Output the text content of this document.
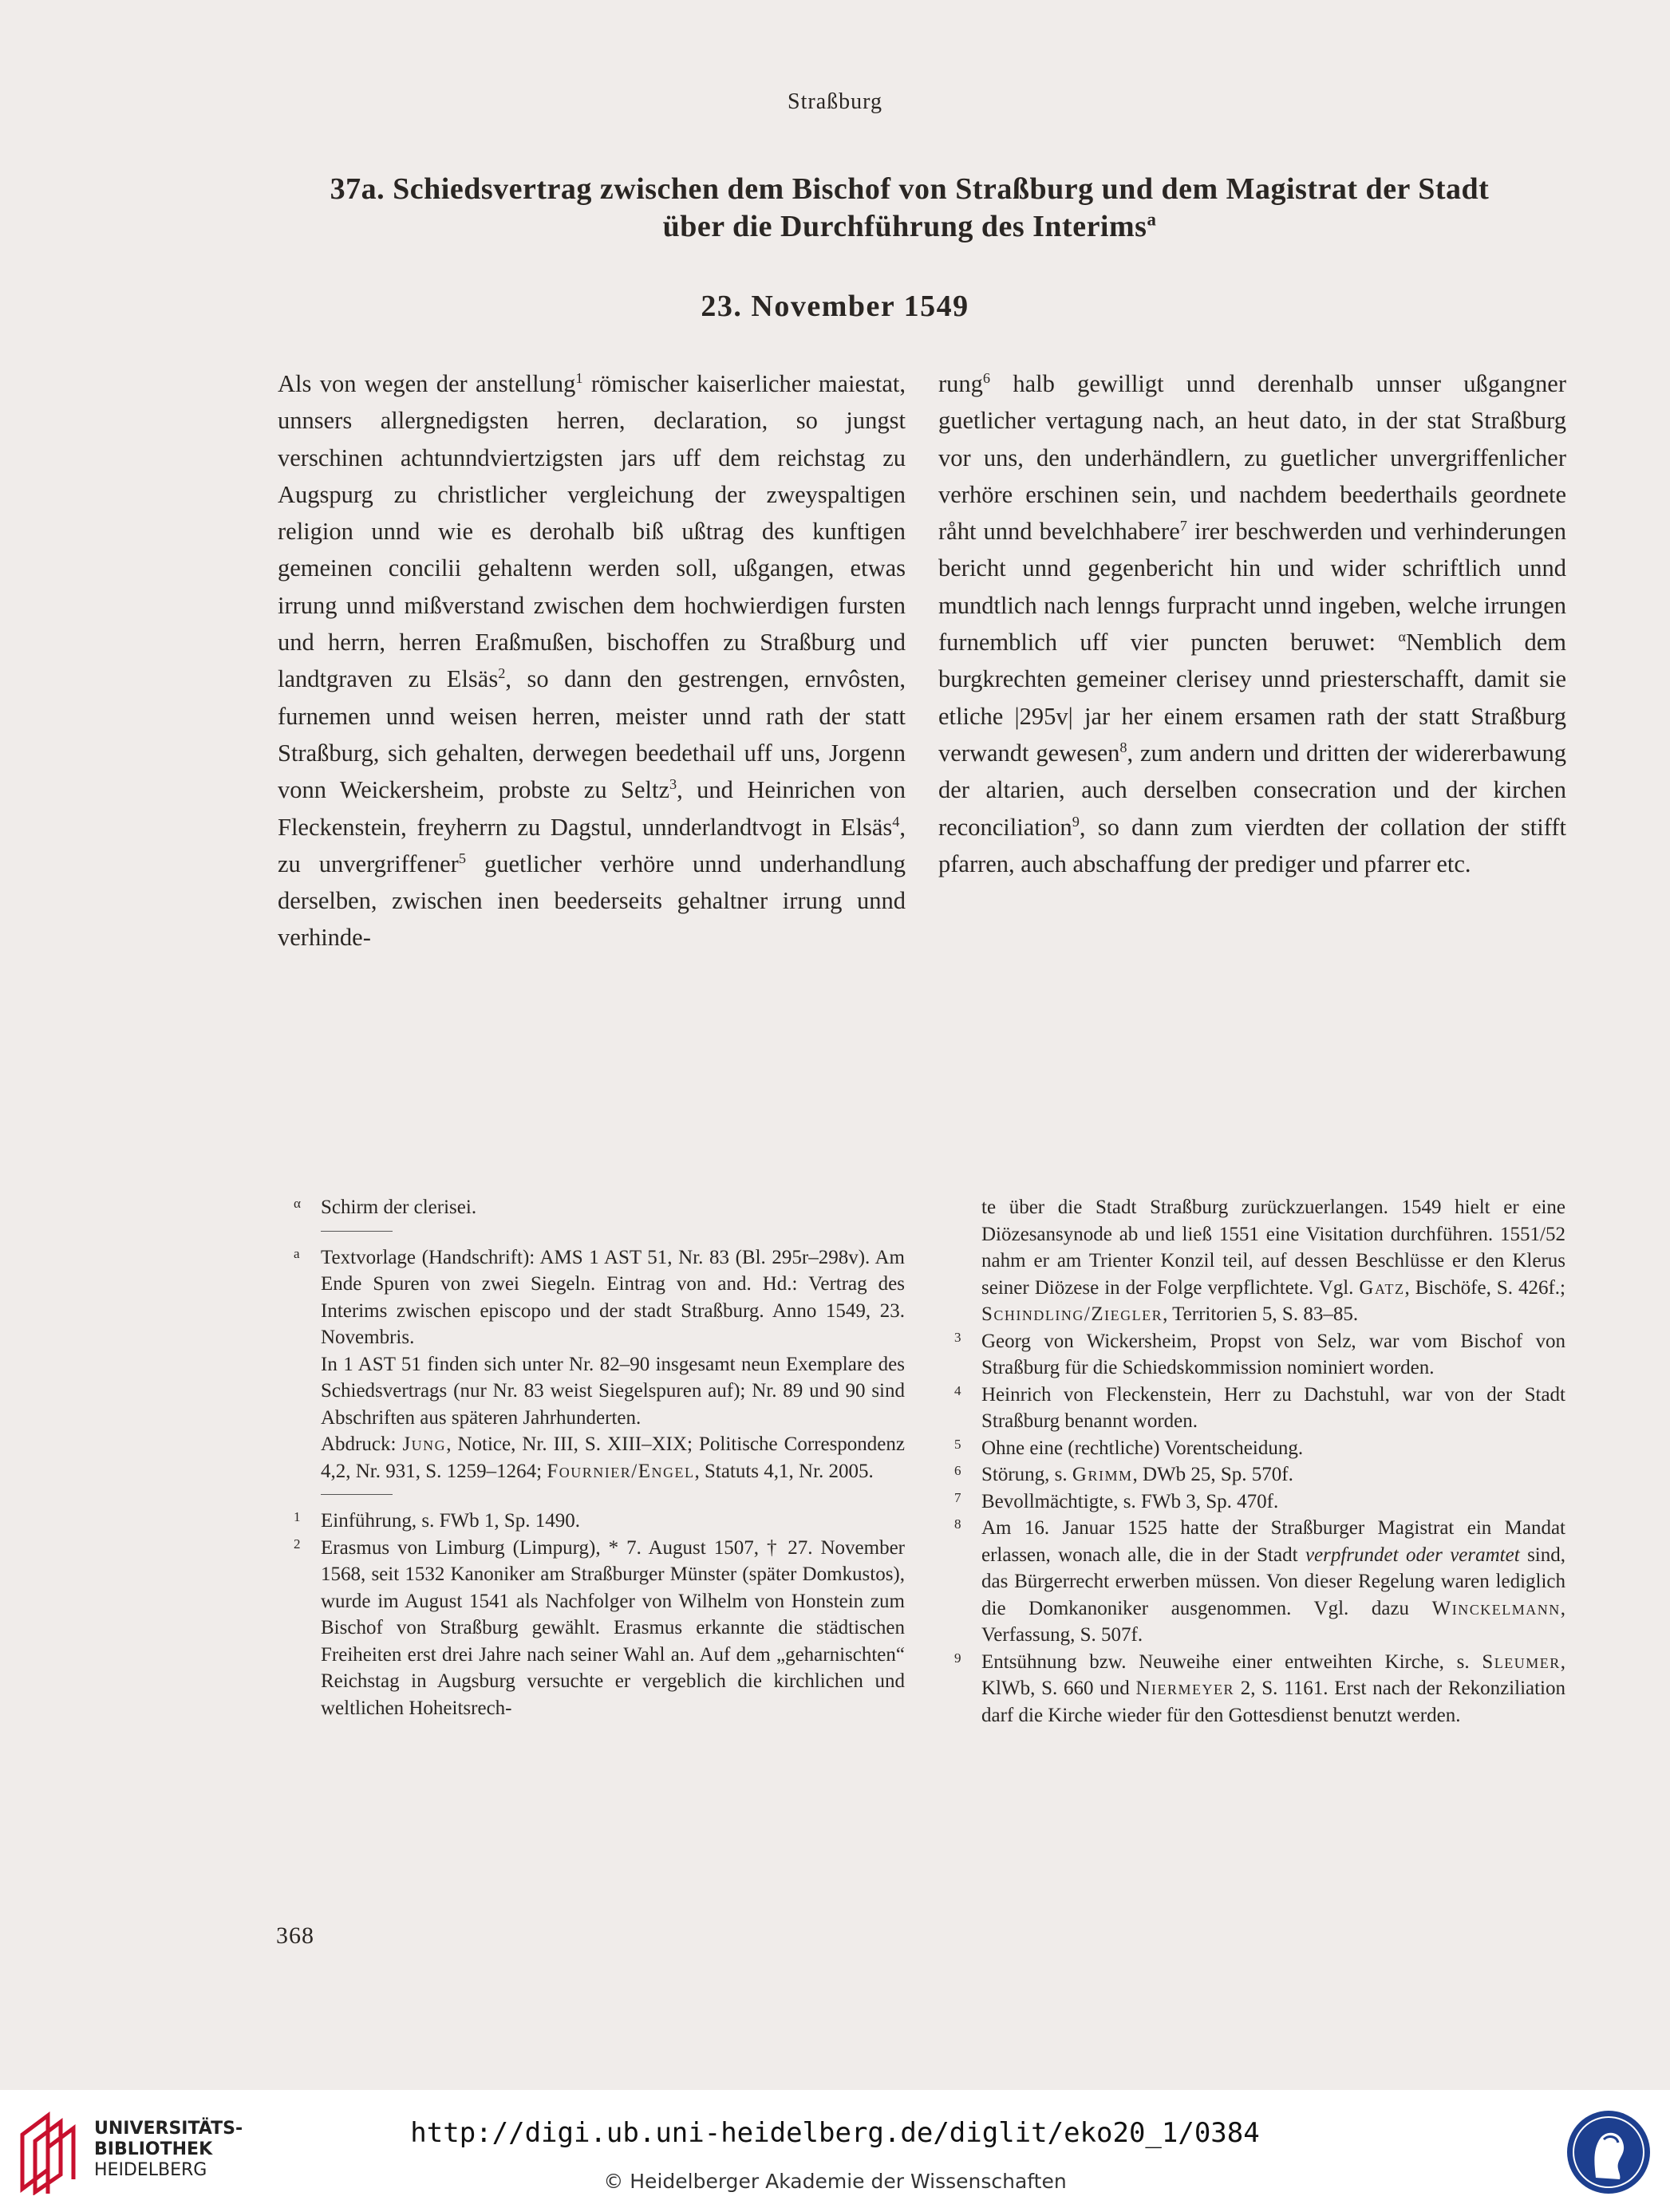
Straßburg
37a. Schiedsvertrag zwischen dem Bischof von Straßburg und dem Magistrat der Stadt
über die Durchführung des Interims$^a$
23. November 1549

Als von wegen der anstellung$^1$ römischer kaiserlicher maiestat, unnsers allergnedigsten herren, declaration, so jungst verschinen achtunndviertzigsten jars uff dem reichstag zu Augspurg zu christlicher vergleichung der zweyspaltigen religion unnd wie es derohalb biß ußtrag des kunftigen gemeinen concilii gehaltenn werden soll, ußgangen, etwas irrung unnd mißverstand zwischen dem hochwierdigen fursten und herrn, herren Eraßmußen, bischoffen zu Straßburg und landtgraven zu Elsäs$^2$, so dann den gestrengen, ernvôsten, furnemen unnd weisen herren, meister unnd rath der statt Straßburg, sich gehalten, derwegen beedethail uff uns, Jorgenn vonn Weickersheim, probste zu Seltz$^3$, und Heinrichen von Fleckenstein, freyherrn zu Dagstul, unnderlandtvogt in Elsäs$^4$, zu unvergriffener$^5$ guetlicher verhöre unnd underhandlung derselben, zwischen inen beederseits gehaltner irrung unnd verhinde-

rung$^6$ halb gewilligt unnd derenhalb unnser ußgangner guetlicher vertagung nach, an heut dato, in der stat Straßburg vor uns, den underhändlern, zu guetlicher unvergriffenlicher verhöre erschinen sein, und nachdem beederthails geordnete råht unnd bevelchhabere$^7$ irer beschwerden und verhinderungen bericht unnd gegenbericht hin und wider schriftlich unnd mundtlich nach lenngs furpracht unnd ingeben, welche irrungen furnemblich uff vier puncten beruwet: $^\alpha$Nemblich dem burgkrechten gemeiner clerisey unnd priesterschafft, damit sie etliche |295v| jar her einem ersamen rath der statt Straßburg verwandt gewesen$^8$, zum andern und dritten der widererbawung der altarien, auch derselben consecration und der kirchen reconciliation$^9$, so dann zum vierdten der collation der stifft pfarren, auch abschaffung der prediger und pfarrer etc.

α	Schirm der clerisei.
a	Textvorlage (Handschrift): AMS 1 AST 51, Nr. 83 (Bl. 295r–298v). Am Ende Spuren von zwei Siegeln. Eintrag von and. Hd.: Vertrag des Interims zwischen episcopo und der stadt Straßburg. Anno 1549, 23. Novembris.

In 1 AST 51 finden sich unter Nr. 82–90 insgesamt neun Exemplare des Schiedsvertrags (nur Nr. 83 weist Siegelspuren auf); Nr. 89 und 90 sind Abschriften aus späteren Jahrhunderten.

Abdruck: Jung, Notice, Nr. III, S. XIII–XIX; Politische Correspondenz 4,2, Nr. 931, S. 1259–1264; Fournier/Engel, Statuts 4,1, Nr. 2005.

1	Einführung, s. FWb 1, Sp. 1490.
2	Erasmus von Limburg (Limpurg), * 7. August 1507, † 27. November 1568, seit 1532 Kanoniker am Straßburger Münster (später Domkustos), wurde im August 1541 als Nachfolger von Wilhelm von Honstein zum Bischof von Straßburg gewählt. Erasmus erkannte die städtischen Freiheiten erst drei Jahre nach seiner Wahl an. Auf dem „geharnischten“ Reichstag in Augsburg versuchte er vergeblich die kirchlichen und weltlichen Hoheitsrech-
te über die Stadt Straßburg zurückzuerlangen. 1549 hielt er eine Diözesansynode ab und ließ 1551 eine Visitation durchführen. 1551/52 nahm er am Trienter Konzil teil, auf dessen Beschlüsse er den Klerus seiner Diözese in der Folge verpflichtete. Vgl. Gatz, Bischöfe, S. 426f.; Schindling/Ziegler, Territorien 5, S. 83–85.
3	Georg von Wickersheim, Propst von Selz, war vom Bischof von Straßburg für die Schiedskommission nominiert worden.
4	Heinrich von Fleckenstein, Herr zu Dachstuhl, war von der Stadt Straßburg benannt worden.
5	Ohne eine (rechtliche) Vorentscheidung.
6	Störung, s. Grimm, DWb 25, Sp. 570f.
7	Bevollmächtigte, s. FWb 3, Sp. 470f.
8	Am 16. Januar 1525 hatte der Straßburger Magistrat ein Mandat erlassen, wonach alle, die in der Stadt verpfrundet oder veramtet sind, das Bürgerrecht erwerben müssen. Von dieser Regelung waren lediglich die Domkanoniker ausgenommen. Vgl. dazu Winckelmann, Verfassung, S. 507f.
9	Entsühnung bzw. Neuweihe einer entweihten Kirche, s. Sleumer, KlWb, S. 660 und Niermeyer 2, S. 1161. Erst nach der Rekonziliation darf die Kirche wieder für den Gottesdienst benutzt werden.
368
UNIVERSITÄTS-
BIBLIOTHEK
HEIDELBERG
http://digi.ub.uni-heidelberg.de/diglit/eko20_1/0384
© Heidelberger Akademie der Wissenschaften
